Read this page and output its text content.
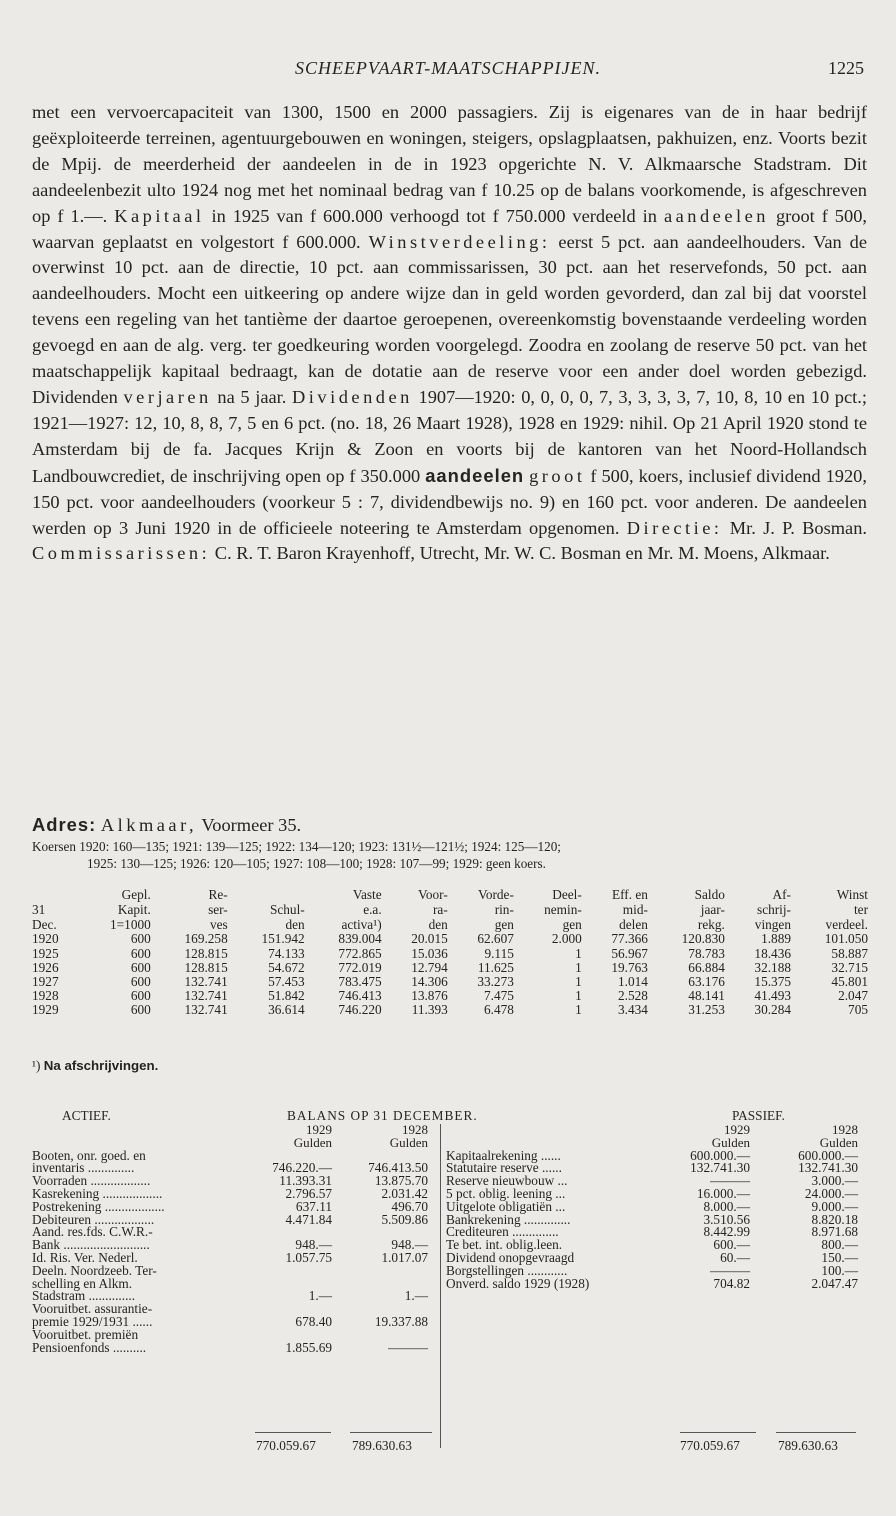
SCHEEPVAART-MAATSCHAPPIJEN.	1225

met een vervoercapaciteit van 1300, 1500 en 2000 passagiers. Zij is eigenares van de in haar bedrijf geëxploiteerde terreinen, agentuurgebouwen en woningen, steigers, opslagplaatsen, pakhuizen, enz. Voorts bezit de Mpij. de meerderheid der aandeelen in de in 1923 opgerichte N. V. Alkmaarsche Stadstram. Dit aandeelenbezit ulto 1924 nog met het nominaal bedrag van f 10.25 op de balans voorkomende, is afgeschreven op f 1.—. Kapitaal in 1925 van f 600.000 verhoogd tot f 750.000 verdeeld in aandeelen groot f 500, waarvan geplaatst en volgestort f 600.000. Winstverdeeling: eerst 5 pct. aan aandeelhouders. Van de overwinst 10 pct. aan de directie, 10 pct. aan commissarissen, 30 pct. aan het reservefonds, 50 pct. aan aandeelhouders. Mocht een uitkeering op andere wijze dan in geld worden gevorderd, dan zal bij dat voorstel tevens een regeling van het tantième der daartoe geroepenen, overeenkomstig bovenstaande verdeeling worden gevoegd en aan de alg. verg. ter goedkeuring worden voorgelegd. Zoodra en zoolang de reserve 50 pct. van het maatschappelijk kapitaal bedraagt, kan de dotatie aan de reserve voor een ander doel worden gebezigd. Dividenden verjaren na 5 jaar. Dividenden 1907—1920: 0, 0, 0, 0, 7, 3, 3, 3, 3, 7, 10, 8, 10 en 10 pct.; 1921—1927: 12, 10, 8, 8, 7, 5 en 6 pct. (no. 18, 26 Maart 1928), 1928 en 1929: nihil. Op 21 April 1920 stond te Amsterdam bij de fa. Jacques Krijn & Zoon en voorts bij de kantoren van het Noord-Hollandsch Landbouwcrediet, de inschrijving open op f 350.000 aandeelen groot f 500, koers, inclusief dividend 1920, 150 pct. voor aandeelhouders (voorkeur 5 : 7, dividendbewijs no. 9) en 160 pct. voor anderen. De aandeelen werden op 3 Juni 1920 in de officieele noteering te Amsterdam opgenomen. Directie: Mr. J. P. Bosman. Commissarissen: C. R. T. Baron Krayenhoff, Utrecht, Mr. W. C. Bosman en Mr. M. Moens, Alkmaar.

Adres: Alkmaar, Voormeer 35.
Koersen 1920: 160—135; 1921: 139—125; 1922: 134—120; 1923: 131½—121½; 1924: 125—120;
1925: 130—125; 1926: 120—105; 1927: 108—100; 1928: 107—99; 1929: geen koers.
	Gepl.	Re-		Vaste	Voor-	Vorde-	Deel-	Eff. en	Saldo	Af-	Winst
31	Kapit.	ser-	Schul-	e.a.	ra-	rin-	nemin-	mid-	jaar-	schrij-	ter
Dec.	1=1000	ves	den	activa¹)	den	gen	gen	delen	rekg.	vingen	verdeel.
1920	600	169.258	151.942	839.004	20.015	62.607	2.000	77.366	120.830	1.889	101.050
1925	600	128.815	74.133	772.865	15.036	9.115	1	56.967	78.783	18.436	58.887
1926	600	128.815	54.672	772.019	12.794	11.625	1	19.763	66.884	32.188	32.715
1927	600	132.741	57.453	783.475	14.306	33.273	1	1.014	63.176	15.375	45.801
1928	600	132.741	51.842	746.413	13.876	7.475	1	2.528	48.141	41.493	2.047
1929	600	132.741	36.614	746.220	11.393	6.478	1	3.434	31.253	30.284	705
¹) Na afschrijvingen.
ACTIEF.	BALANS OP 31 DECEMBER.	PASSIEF.
1929	1928
Gulden	Gulden
Booten, onr. goed. en
inventaris ..............	746.220.—	746.413.50
Voorraden ..................	11.393.31	13.875.70
Kasrekening ..................	2.796.57	2.031.42
Postrekening ..................	637.11	496.70
Debiteuren ..................	4.471.84	5.509.86
Aand. res.fds. C.W.R.-
Bank ..........................	948.—	948.—
Id. Ris. Ver. Nederl.	1.057.75	1.017.07
Deeln. Noordzeeb. Ter-
schelling en Alkm.
Stadstram ..............	1.—	1.—
Vooruitbet. assurantie-
premie 1929/1931 ......	678.40	19.337.88
Vooruitbet. premiën
Pensioenfonds ..........	1.855.69	———
1929	1928
Gulden	Gulden
Kapitaalrekening ......	600.000.—	600.000.—
Statutaire reserve ......	132.741.30	132.741.30
Reserve nieuwbouw ...	———	3.000.—
5 pct. oblig. leening ...	16.000.—	24.000.—
Uitgelote obligatiën ...	8.000.—	9.000.—
Bankrekening ..............	3.510.56	8.820.18
Crediteuren ..............	8.442.99	8.971.68
Te bet. int. oblig.leen.	600.—	800.—
Dividend onopgevraagd	60.—	150.—
Borgstellingen ............	———	100.—
Onverd. saldo 1929 (1928)	704.82	2.047.47
770.059.67	789.630.63	770.059.67	789.630.63
